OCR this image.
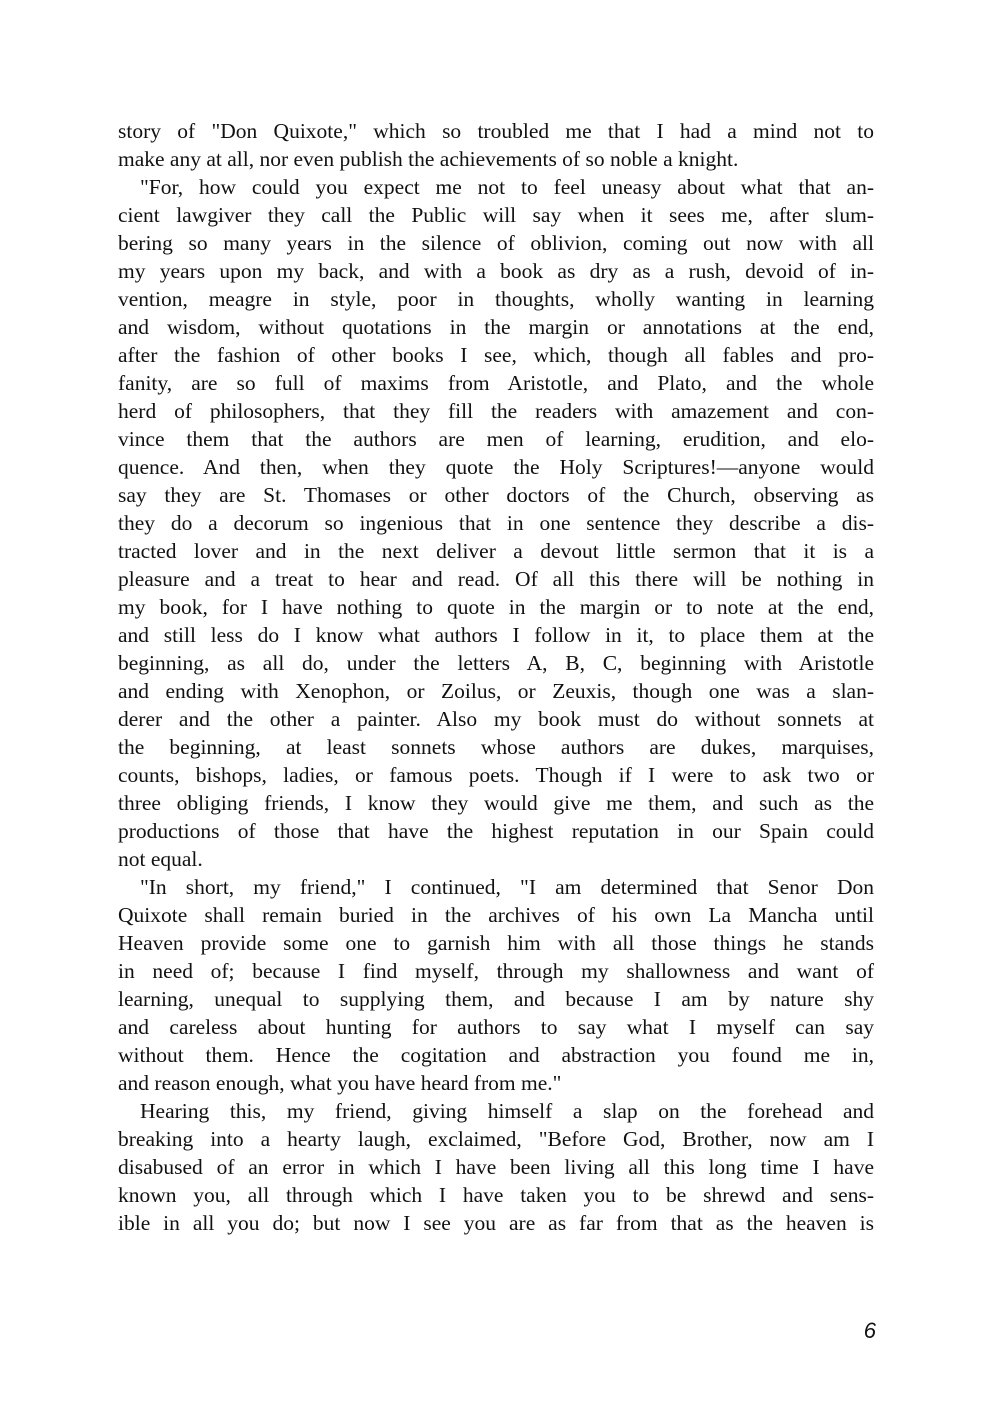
story of "Don Quixote," which so troubled me that I had a mind not to
make any at all, nor even publish the achievements of so noble a knight.
"For, how could you expect me not to feel uneasy about what that an-
cient lawgiver they call the Public will say when it sees me, after slum-
bering so many years in the silence of oblivion, coming out now with all
my years upon my back, and with a book as dry as a rush, devoid of in-
vention, meagre in style, poor in thoughts, wholly wanting in learning
and wisdom, without quotations in the margin or annotations at the end,
after the fashion of other books I see, which, though all fables and pro-
fanity, are so full of maxims from Aristotle, and Plato, and the whole
herd of philosophers, that they fill the readers with amazement and con-
vince them that the authors are men of learning, erudition, and elo-
quence. And then, when they quote the Holy Scriptures!—anyone would
say they are St. Thomases or other doctors of the Church, observing as
they do a decorum so ingenious that in one sentence they describe a dis-
tracted lover and in the next deliver a devout little sermon that it is a
pleasure and a treat to hear and read. Of all this there will be nothing in
my book, for I have nothing to quote in the margin or to note at the end,
and still less do I know what authors I follow in it, to place them at the
beginning, as all do, under the letters A, B, C, beginning with Aristotle
and ending with Xenophon, or Zoilus, or Zeuxis, though one was a slan-
derer and the other a painter. Also my book must do without sonnets at
the beginning, at least sonnets whose authors are dukes, marquises,
counts, bishops, ladies, or famous poets. Though if I were to ask two or
three obliging friends, I know they would give me them, and such as the
productions of those that have the highest reputation in our Spain could
not equal.
"In short, my friend," I continued, "I am determined that Senor Don
Quixote shall remain buried in the archives of his own La Mancha until
Heaven provide some one to garnish him with all those things he stands
in need of; because I find myself, through my shallowness and want of
learning, unequal to supplying them, and because I am by nature shy
and careless about hunting for authors to say what I myself can say
without them. Hence the cogitation and abstraction you found me in,
and reason enough, what you have heard from me."
Hearing this, my friend, giving himself a slap on the forehead and
breaking into a hearty laugh, exclaimed, "Before God, Brother, now am I
disabused of an error in which I have been living all this long time I have
known you, all through which I have taken you to be shrewd and sens-
ible in all you do; but now I see you are as far from that as the heaven is
6
